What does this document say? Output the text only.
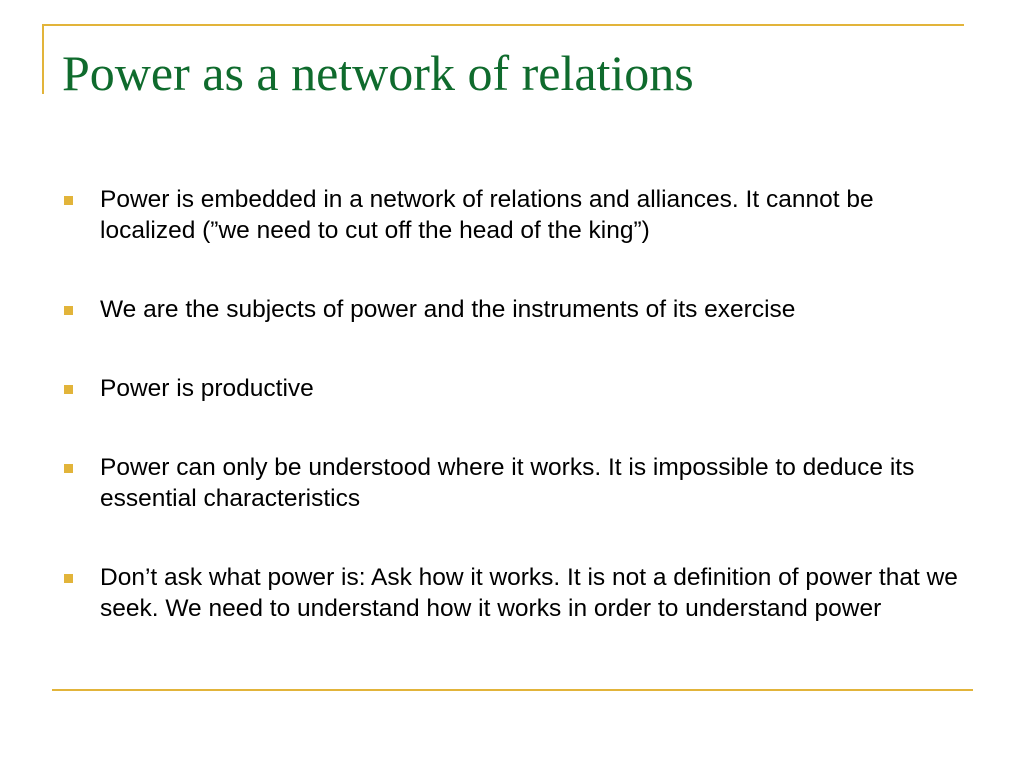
Power as a network of relations
Power is embedded in a network of relations and alliances. It cannot be localized (”we need to cut off the head of the king”)
We are the subjects of power and the instruments of its exercise
Power is productive
Power can only be understood where it works. It is impossible to deduce its essential characteristics
Don’t ask what power is: Ask how it works. It is not a definition of power that we seek. We need to understand how it works in order to understand power
